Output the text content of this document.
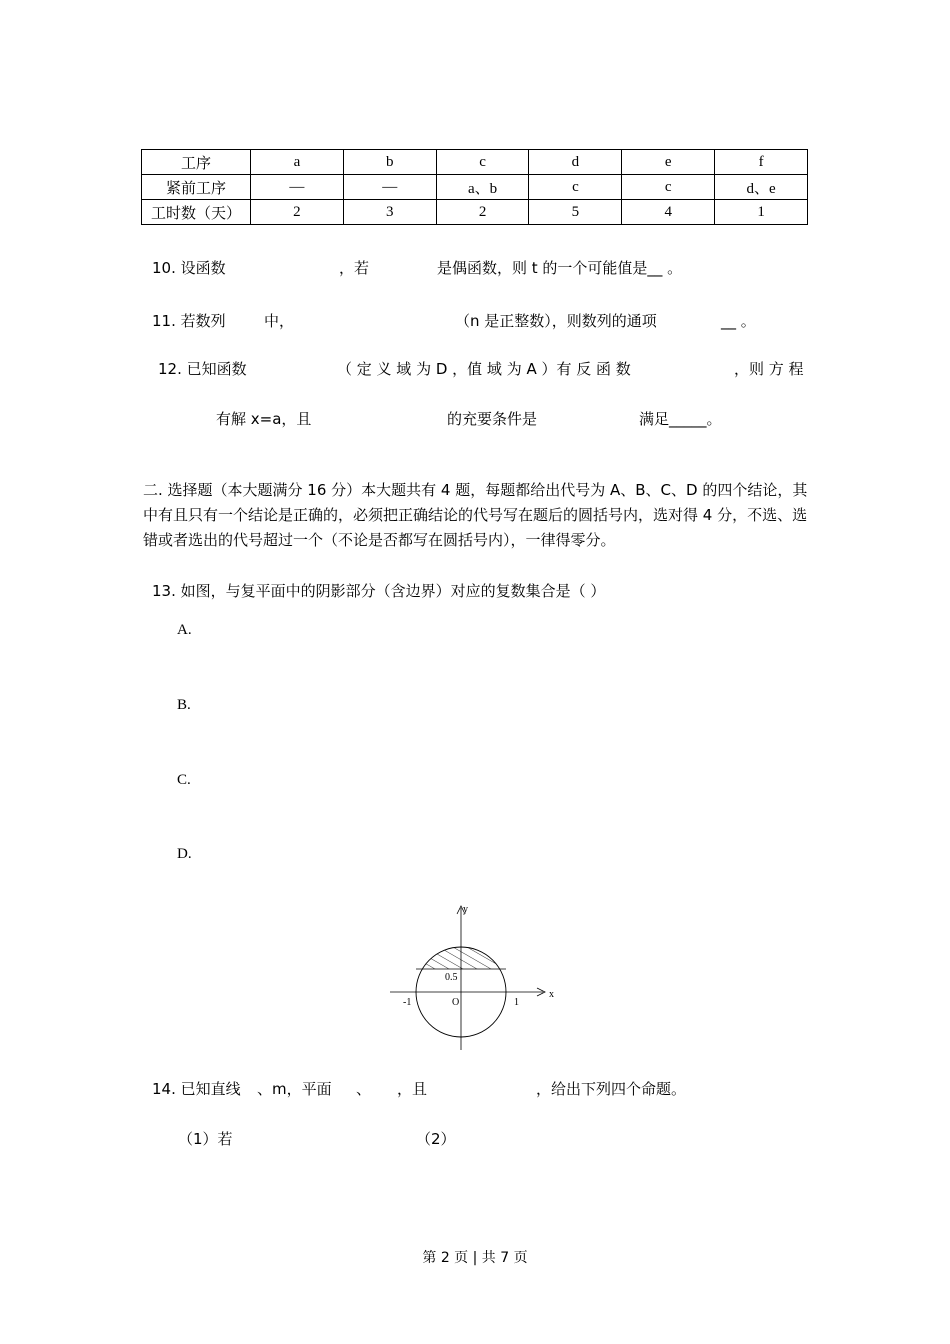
工序	a	b	c	d	e	f
紧前工序	—	—	a、b	c	c	d、e
工时数（天）	2	3	2	5	4	1
10. 设函数	，若	是偶函数，则 t 的一个可能值是__ 。
11. 若数列	中，	（n 是正整数），则数列的通项	__ 。
12. 已知函数	（ 定 义 域 为 D ，值 域 为 A ）有 反 函 数	，则 方 程
有解 x=a，且	的充要条件是	满足_____。
二. 选择题（本大题满分 16 分）本大题共有 4 题，每题都给出代号为 A、B、C、D 的四个结论，其中有且只有一个结论是正确的，必须把正确结论的代号写在题后的圆括号内，选对得 4 分，不选、选错或者选出的代号超过一个（不论是否都写在圆括号内），一律得零分。
13. 如图，与复平面中的阴影部分（含边界）对应的复数集合是（ ）
A.
B.
C.
D.
y
x
0.5
-1	O	1
14. 已知直线 、m，平面 、 ，且	，给出下列四个命题。
（1）若	（2）
第 2 页 | 共 7 页
